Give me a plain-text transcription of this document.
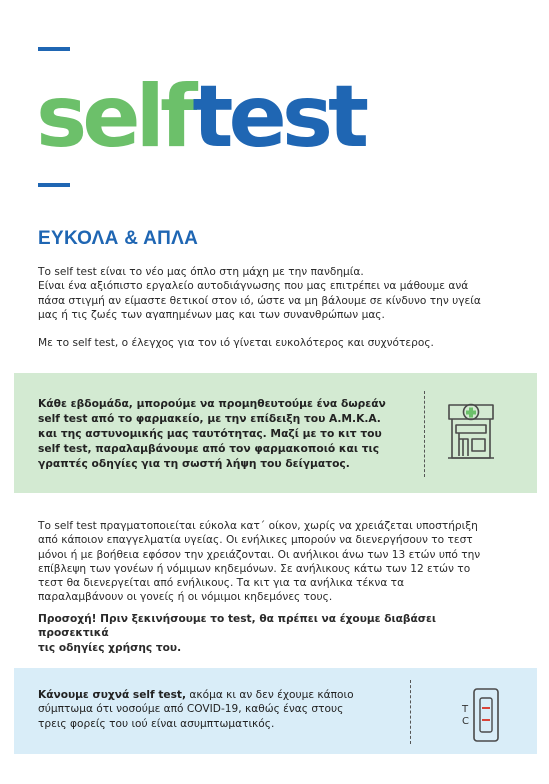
selftest
ΕΥΚΟΛΑ & ΑΠΛΑ
Το self test είναι το νέο μας όπλο στη μάχη με την πανδημία.
Είναι ένα αξιόπιστο εργαλείο αυτοδιάγνωσης που μας επιτρέπει να μάθουμε ανά
πάσα στιγμή αν είμαστε θετικοί στον ιό, ώστε να μη βάλουμε σε κίνδυνο την υγεία
μας ή τις ζωές των αγαπημένων μας και των συνανθρώπων μας.
Με το self test, ο έλεγχος για τον ιό γίνεται ευκολότερος και συχνότερος.
Κάθε εβδομάδα, μπορούμε να προμηθευτούμε ένα δωρεάν
self test από το φαρμακείο, με την επίδειξη του Α.Μ.Κ.Α.
και της αστυνομικής μας ταυτότητας. Μαζί με το κιτ του
self test, παραλαμβάνουμε από τον φαρμακοποιό και τις
γραπτές οδηγίες για τη σωστή λήψη του δείγματος.
Το self test πραγματοποιείται εύκολα κατ΄ οίκον, χωρίς να χρειάζεται υποστήριξη
από κάποιον επαγγελματία υγείας. Οι ενήλικες μπορούν να διενεργήσουν το τεστ
μόνοι ή με βοήθεια εφόσον την χρειάζονται. Οι ανήλικοι άνω των 13 ετών υπό την
επίβλεψη των γονέων ή νόμιμων κηδεμόνων. Σε ανήλικους κάτω των 12 ετών το
τεστ θα διενεργείται από ενήλικους. Τα κιτ για τα ανήλικα τέκνα τα
παραλαμβάνουν οι γονείς ή οι νόμιμοι κηδεμόνες τους.
Προσοχή! Πριν ξεκινήσουμε το test, θα πρέπει να έχουμε διαβάσει προσεκτικά
τις οδηγίες χρήσης του.
Κάνουμε συχνά self test, ακόμα κι αν δεν έχουμε κάποιο
σύμπτωμα ότι νοσούμε από COVID-19, καθώς ένας στους
τρεις φορείς του ιού είναι ασυμπτωματικός.
T
C
